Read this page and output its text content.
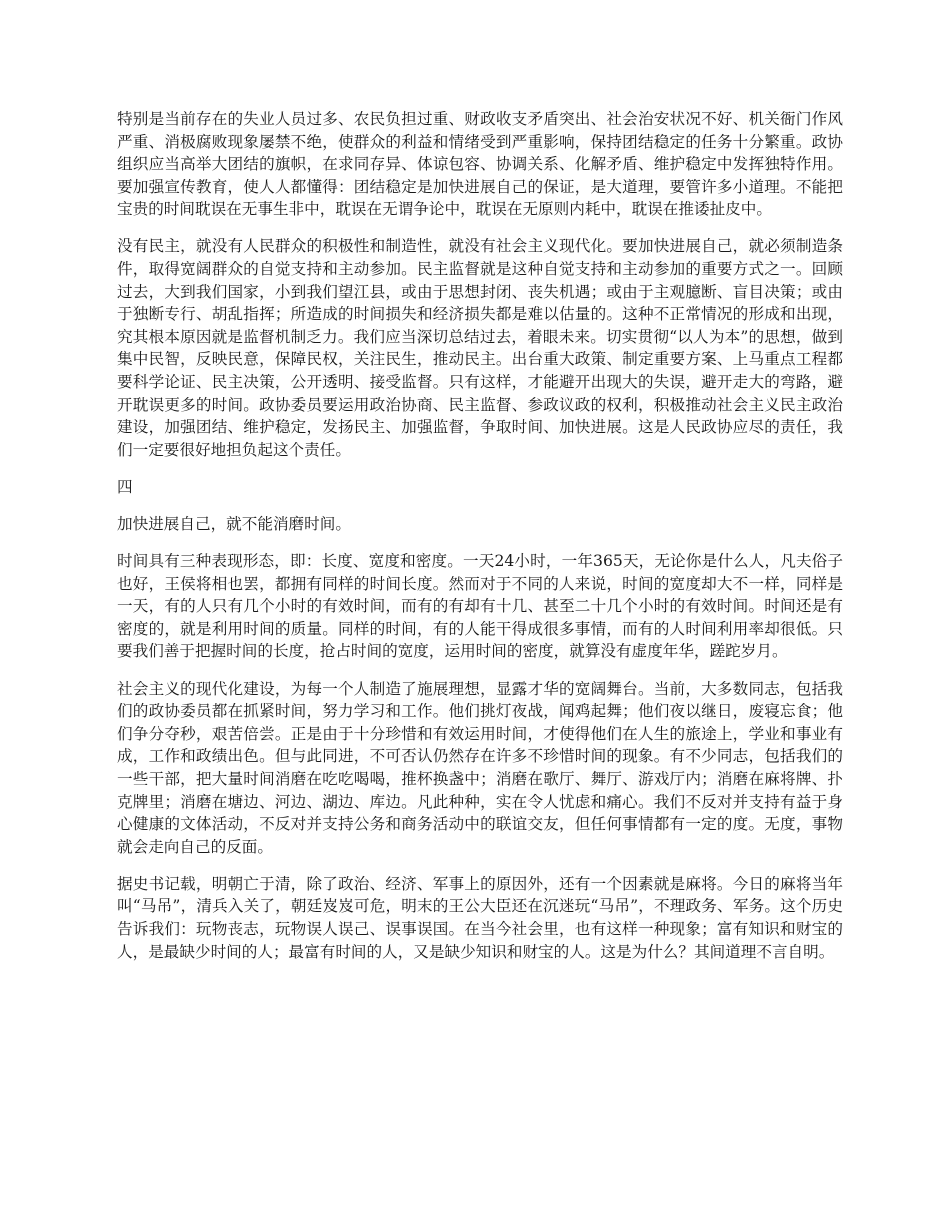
特别是当前存在的失业人员过多、农民负担过重、财政收支矛盾突出、社会治安状况不好、机关衙门作风严重、消极腐败现象屡禁不绝，使群众的利益和情绪受到严重影响，保持团结稳定的任务十分繁重。政协组织应当高举大团结的旗帜，在求同存异、体谅包容、协调关系、化解矛盾、维护稳定中发挥独特作用。要加强宣传教育，使人人都懂得：团结稳定是加快进展自己的保证，是大道理，要管许多小道理。不能把宝贵的时间耽误在无事生非中，耽误在无谓争论中，耽误在无原则内耗中，耽误在推诿扯皮中。

没有民主，就没有人民群众的积极性和制造性，就没有社会主义现代化。要加快进展自己，就必须制造条件，取得宽阔群众的自觉支持和主动参加。民主监督就是这种自觉支持和主动参加的重要方式之一。回顾过去，大到我们国家，小到我们望江县，或由于思想封闭、丧失机遇；或由于主观臆断、盲目决策；或由于独断专行、胡乱指挥；所造成的时间损失和经济损失都是难以估量的。这种不正常情况的形成和出现，究其根本原因就是监督机制乏力。我们应当深切总结过去，着眼未来。切实贯彻“以人为本”的思想，做到集中民智，反映民意，保障民权，关注民生，推动民主。出台重大政策、制定重要方案、上马重点工程都要科学论证、民主决策，公开透明、接受监督。只有这样，才能避开出现大的失误，避开走大的弯路，避开耽误更多的时间。政协委员要运用政治协商、民主监督、参政议政的权利，积极推动社会主义民主政治建设，加强团结、维护稳定，发扬民主、加强监督，争取时间、加快进展。这是人民政协应尽的责任，我们一定要很好地担负起这个责任。

四

加快进展自己，就不能消磨时间。

时间具有三种表现形态，即：长度、宽度和密度。一天24小时，一年365天，无论你是什么人，凡夫俗子也好，王侯将相也罢，都拥有同样的时间长度。然而对于不同的人来说，时间的宽度却大不一样，同样是一天，有的人只有几个小时的有效时间，而有的有却有十几、甚至二十几个小时的有效时间。时间还是有密度的，就是利用时间的质量。同样的时间，有的人能干得成很多事情，而有的人时间利用率却很低。只要我们善于把握时间的长度，抢占时间的宽度，运用时间的密度，就算没有虚度年华，蹉跎岁月。

社会主义的现代化建设，为每一个人制造了施展理想，显露才华的宽阔舞台。当前，大多数同志，包括我们的政协委员都在抓紧时间，努力学习和工作。他们挑灯夜战，闻鸡起舞；他们夜以继日，废寝忘食；他们争分夺秒，艰苦倍尝。正是由于十分珍惜和有效运用时间，才使得他们在人生的旅途上，学业和事业有成，工作和政绩出色。但与此同进，不可否认仍然存在许多不珍惜时间的现象。有不少同志，包括我们的一些干部，把大量时间消磨在吃吃喝喝，推杯换盏中；消磨在歌厅、舞厅、游戏厅内；消磨在麻将牌、扑克牌里；消磨在塘边、河边、湖边、库边。凡此种种，实在令人忧虑和痛心。我们不反对并支持有益于身心健康的文体活动，不反对并支持公务和商务活动中的联谊交友，但任何事情都有一定的度。无度，事物就会走向自己的反面。

据史书记载，明朝亡于清，除了政治、经济、军事上的原因外，还有一个因素就是麻将。今日的麻将当年叫“马吊”，清兵入关了，朝廷岌岌可危，明末的王公大臣还在沉迷玩“马吊”，不理政务、军务。这个历史告诉我们：玩物丧志，玩物误人误己、误事误国。在当今社会里，也有这样一种现象；富有知识和财宝的人，是最缺少时间的人；最富有时间的人，又是缺少知识和财宝的人。这是为什么？其间道理不言自明。
